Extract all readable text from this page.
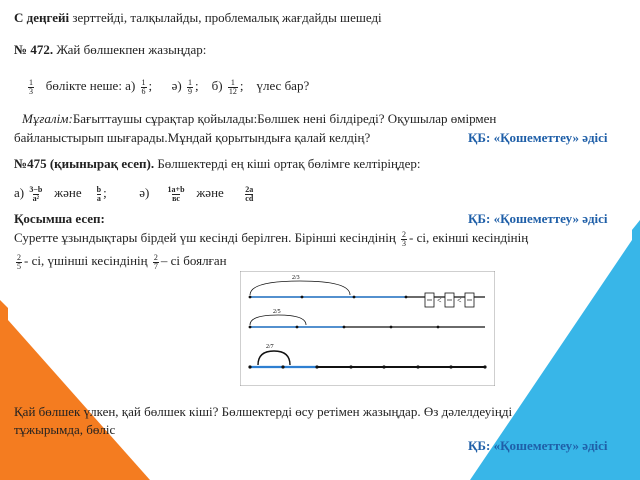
С деңгейі зерттейді, талқылайды, проблемалық жағдайды шешеді
№ 472. Жай бөлшекпен жазыңдар:
$\frac{1}{3}$ бөлікте неше: $а) \frac{1}{6}$ ; $ә) \frac{1}{9}$ ; $б) \frac{1}{12}$ ; үлес бар?
Мұғалім:Бағыттаушы сұрақтар қойылады:Бөлшек нені білдіреді? Оқушылар өмірмен
байланыстырып шығарады.Мұндай қорытындыға қалай келдің?	ҚБ: «Қошеметтеу» әдісі
№475 (қиынырақ есеп). Бөлшектерді ең кіші ортақ бөлімге келтіріңдер:
$а) \frac{3-b}{\text{a²}}$ және $\frac{b}{a}$ ;	ә) 1a+b
вc және	$\frac{2a}{cd}$
Қосымша есеп:	ҚБ: «Қошеметтеу» әдісі
Суретте ұзындықтары бірдей үш кесінді берілген. Бірінші кесіндінің $\frac{2}{3}$ - сі, екінші кесіндінің
$\frac{2}{5}$ - сі, үшінші кесіндінің $\frac{2}{7}$ – сі боялған
Қай бөлшек үлкен, қай бөлшек кіші? Бөлшектерді өсу ретімен жазыңдар. Өз дәлелдеуіңді
тұжырымда, бөліс
ҚБ: «Қошеметтеу» әдісі
2/3
2/5
2/7
< <
